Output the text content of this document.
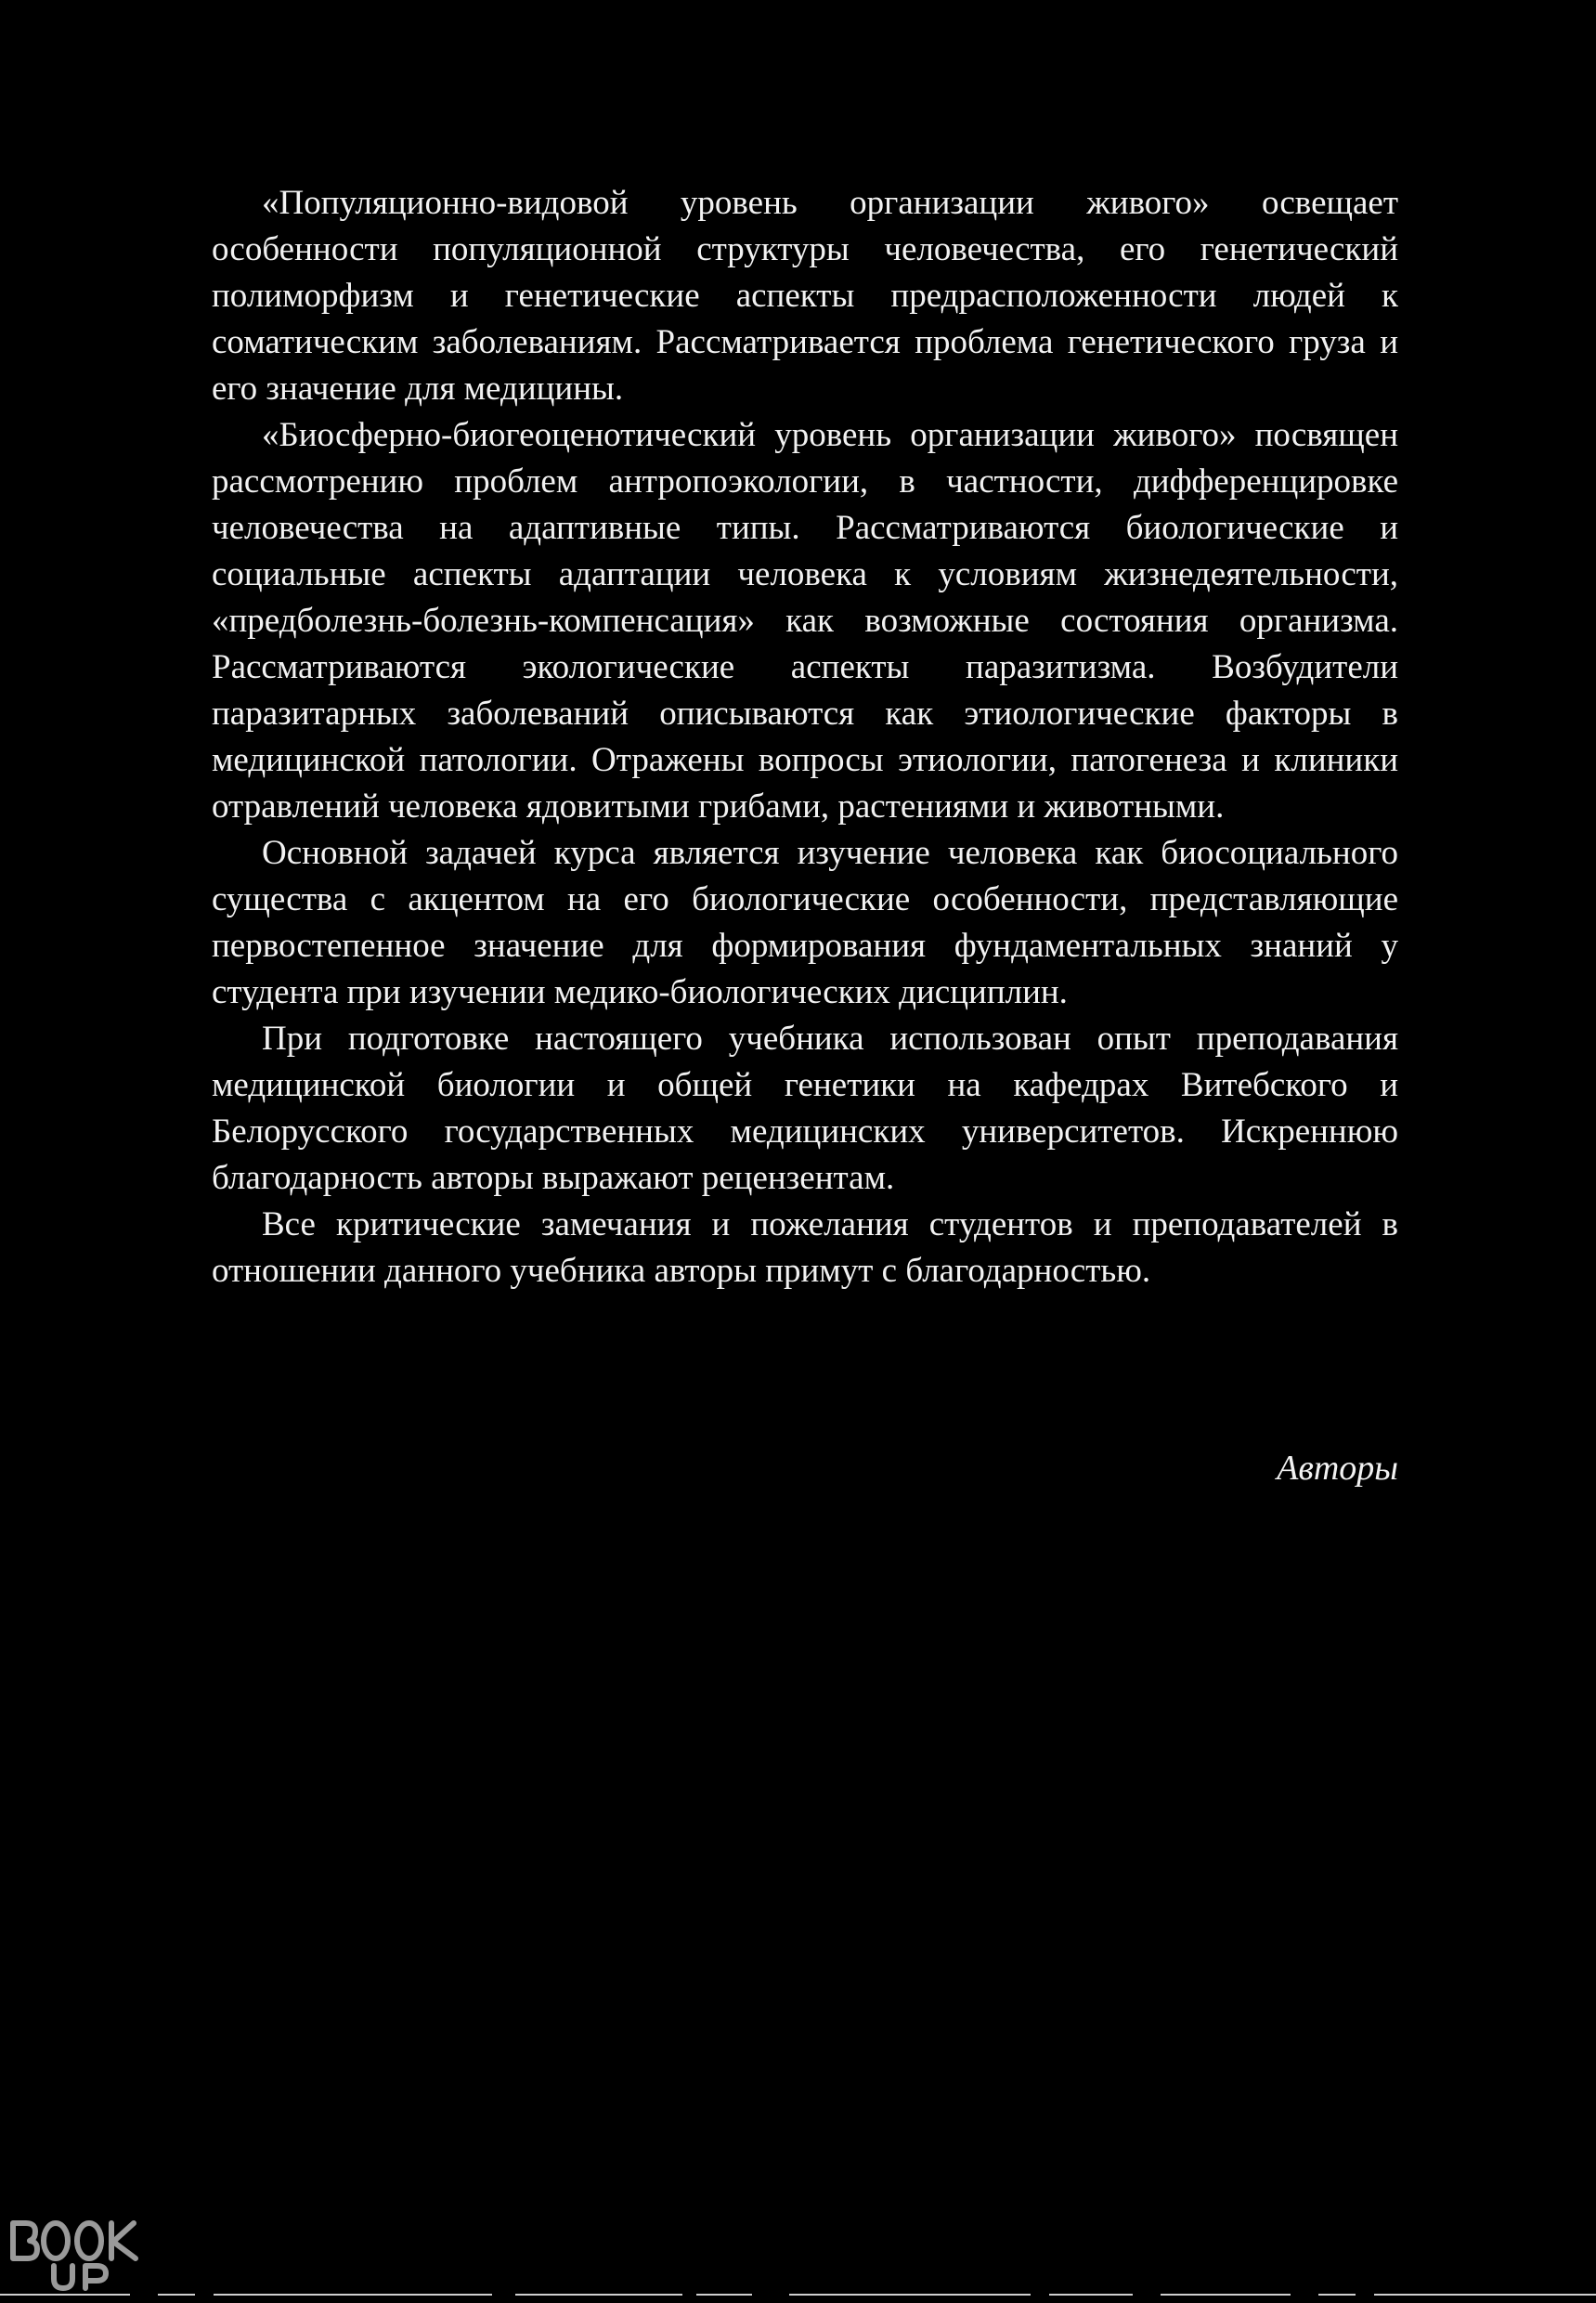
«Популяционно-видовой уровень организации живого» освещает особенности популяционной структуры человечества, его генетический полиморфизм и генетические аспекты предрасположенности людей к соматическим заболеваниям. Рассматривается проблема генетического груза и его значение для медицины.

«Биосферно-биогеоценотический уровень организации живого» посвящен рассмотрению проблем антропоэкологии, в частности, дифференцировке человечества на адаптивные типы. Рассматриваются биологические и социальные аспекты адаптации человека к условиям жизнедеятельности, «предболезнь-болезнь-компенсация» как возможные состояния организма. Рассматриваются экологические аспекты паразитизма. Возбудители паразитарных заболеваний описываются как этиологические факторы в медицинской патологии. Отражены вопросы этиологии, патогенеза и клиники отравлений человека ядовитыми грибами, растениями и животными.

Основной задачей курса является изучение человека как биосоциального существа с акцентом на его биологические особенности, представляющие первостепенное значение для формирования фундаментальных знаний у студента при изучении медико-биологических дисциплин.

При подготовке настоящего учебника использован опыт преподавания медицинской биологии и общей генетики на кафедрах Витебского и Белорусского государственных медицинских университетов. Искреннюю благодарность авторы выражают рецензентам.

Все критические замечания и пожелания студентов и преподавателей в отношении данного учебника авторы примут с благодарностью.

Авторы
